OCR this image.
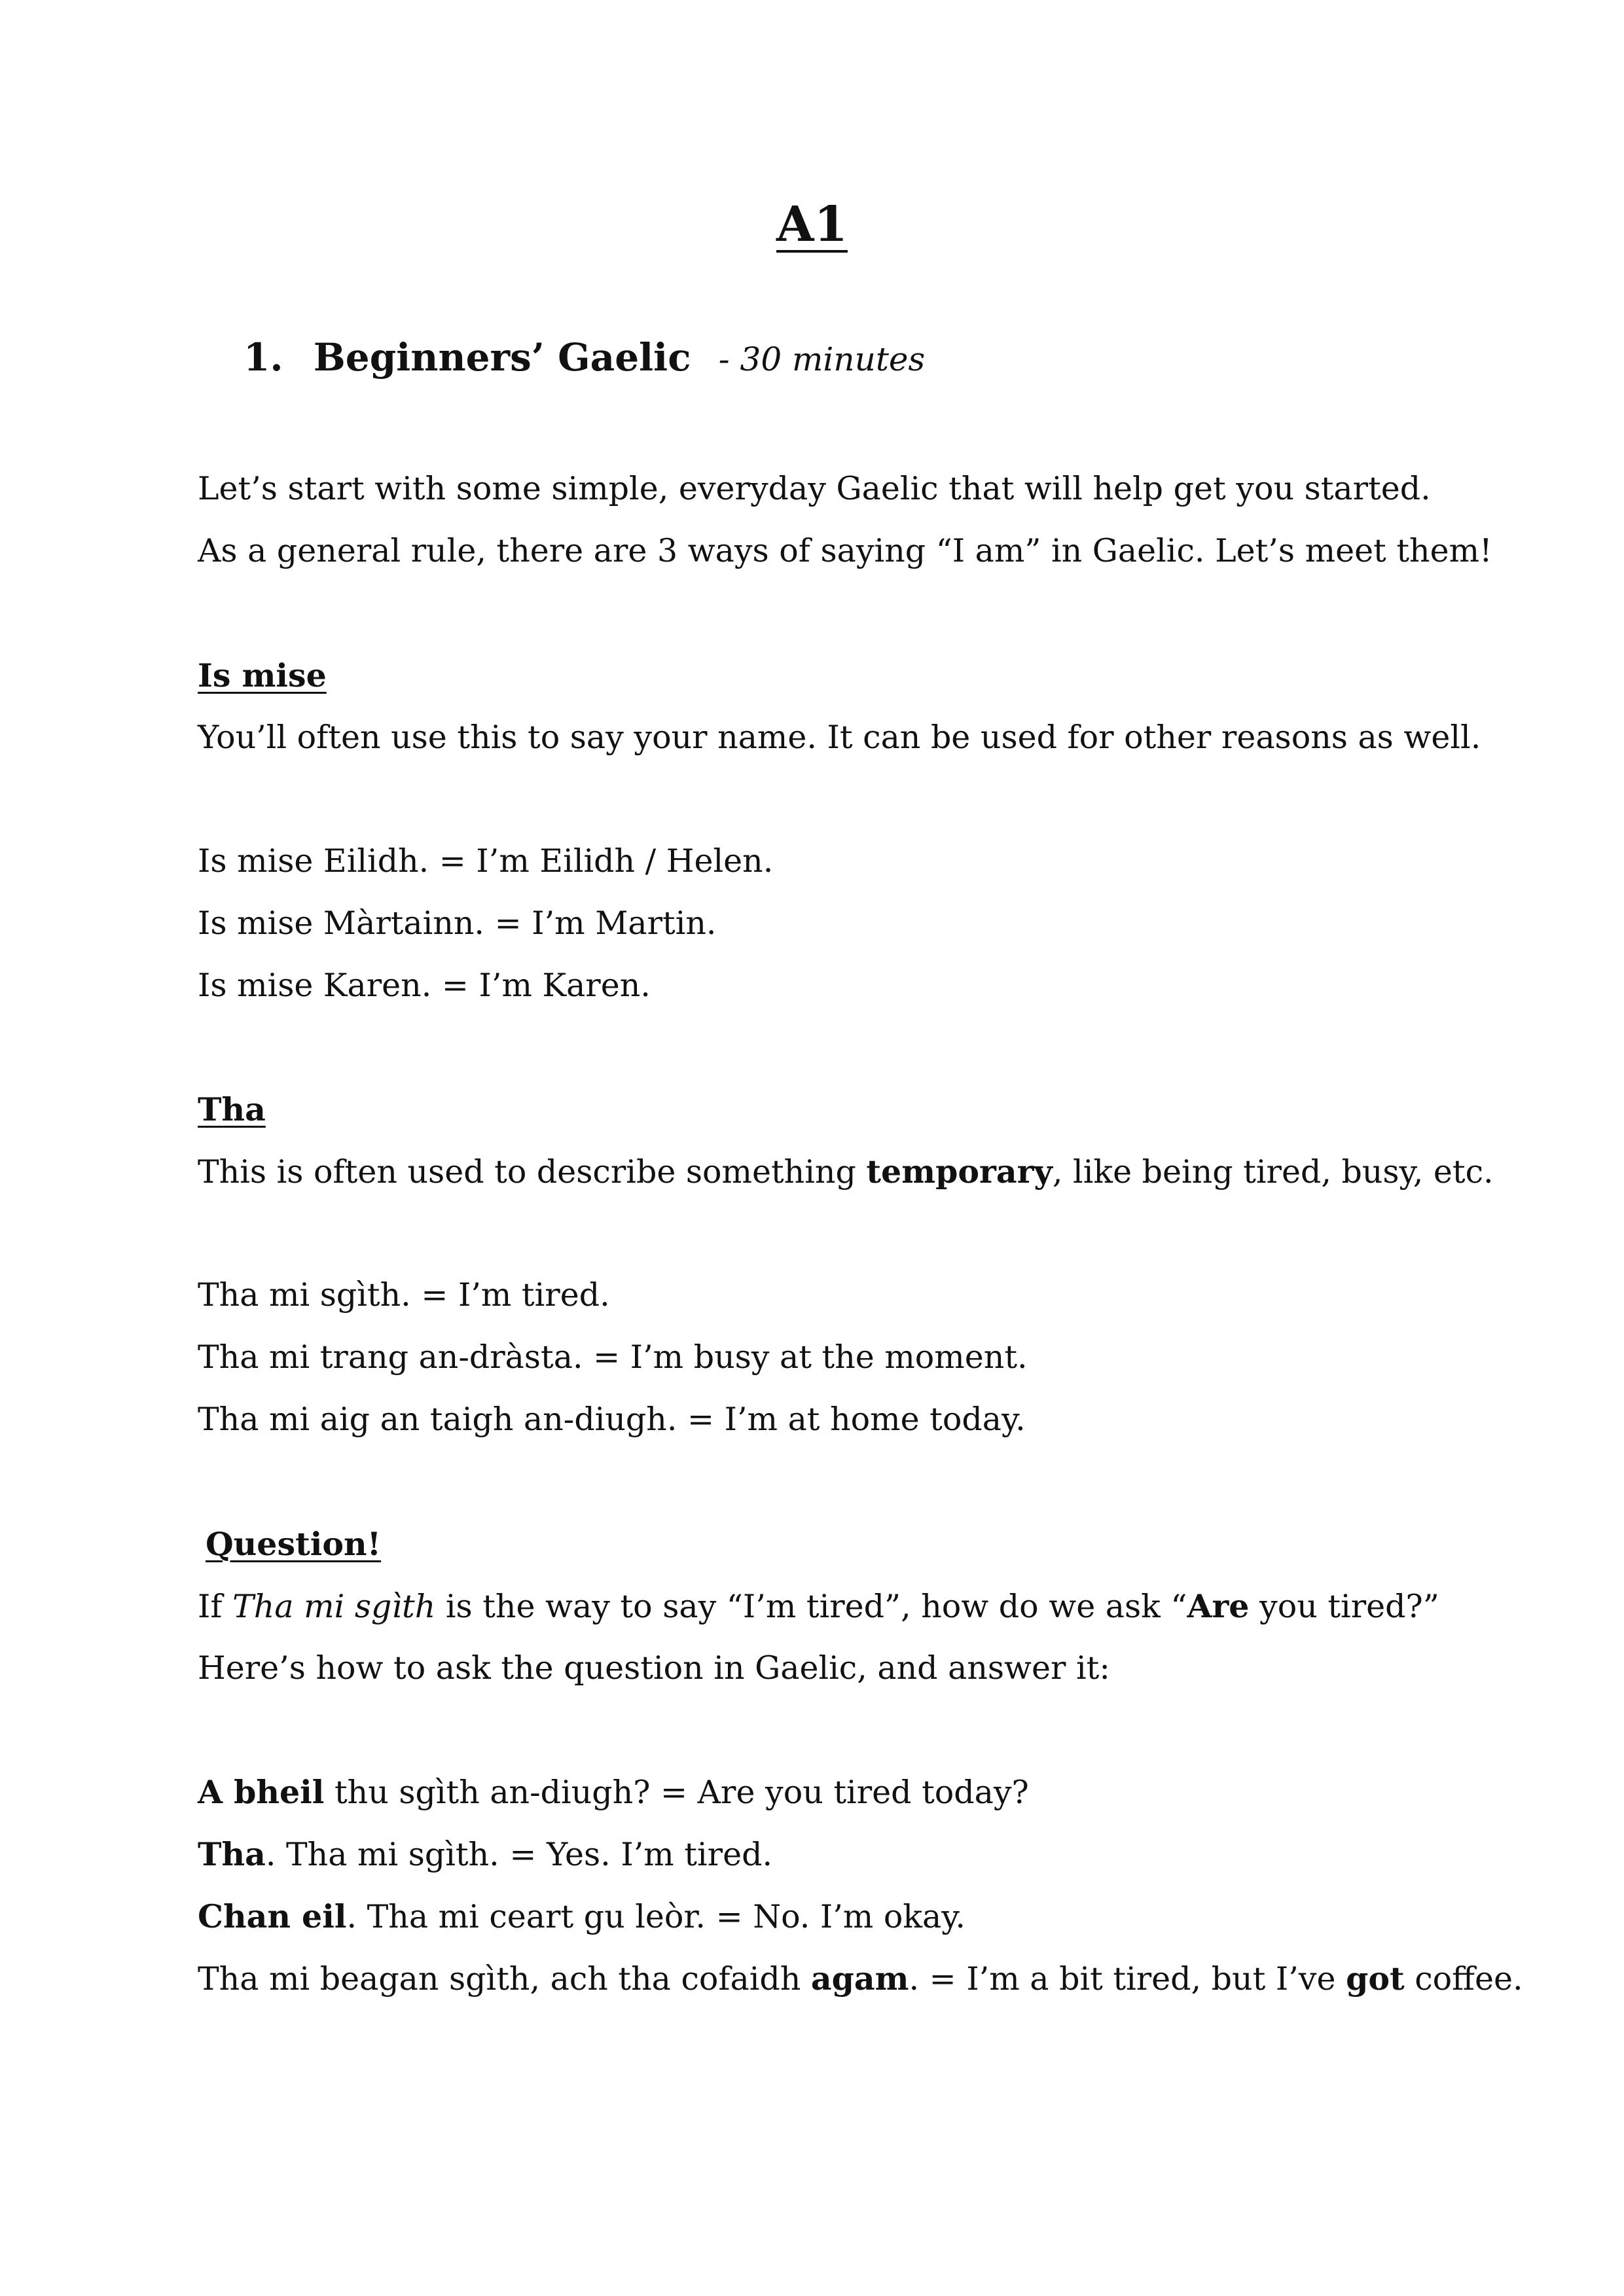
A1
1. Beginners’ Gaelic - 30 minutes
Let’s start with some simple, everyday Gaelic that will help get you started.
As a general rule, there are 3 ways of saying “I am” in Gaelic. Let’s meet them!
Is mise
You’ll often use this to say your name. It can be used for other reasons as well.
Is mise Eilidh. = I’m Eilidh / Helen.
Is mise Màrtainn. = I’m Martin.
Is mise Karen. = I’m Karen.
Tha
This is often used to describe something temporary, like being tired, busy, etc.
Tha mi sgìth. = I’m tired.
Tha mi trang an-dràsta. = I’m busy at the moment.
Tha mi aig an taigh an-diugh. = I’m at home today.
Question!
If Tha mi sgìth is the way to say “I’m tired”, how do we ask “Are you tired?”
Here’s how to ask the question in Gaelic, and answer it:
A bheil thu sgìth an-diugh? = Are you tired today?
Tha. Tha mi sgìth. = Yes. I’m tired.
Chan eil. Tha mi ceart gu leòr. = No. I’m okay.
Tha mi beagan sgìth, ach tha cofaidh agam. = I’m a bit tired, but I’ve got coffee.
